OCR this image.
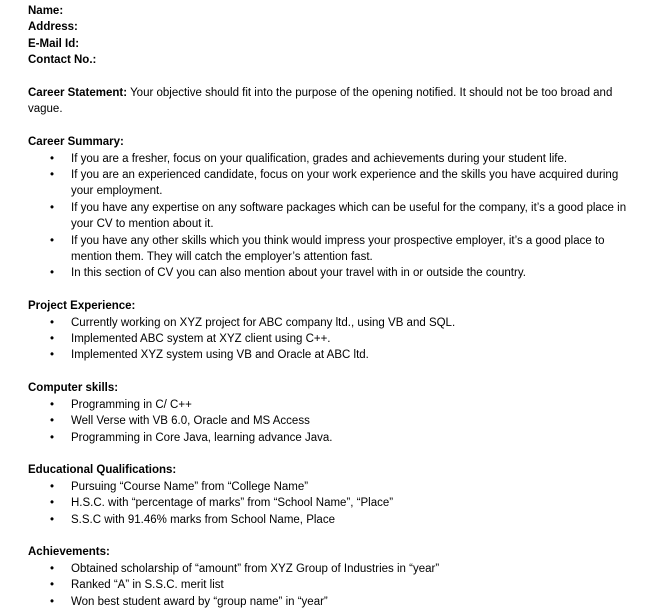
Name:
Address:
E-Mail Id:
Contact No.:
Career Statement: Your objective should fit into the purpose of the opening notified. It should not be too broad and vague.
Career Summary:
• If you are a fresher, focus on your qualification, grades and achievements during your student life.
• If you are an experienced candidate, focus on your work experience and the skills you have acquired during your employment.
• If you have any expertise on any software packages which can be useful for the company, it’s a good place in your CV to mention about it.
• If you have any other skills which you think would impress your prospective employer, it’s a good place to mention them. They will catch the employer’s attention fast.
• In this section of CV you can also mention about your travel with in or outside the country.
Project Experience:
• Currently working on XYZ project for ABC company ltd., using VB and SQL.
• Implemented ABC system at XYZ client using C++.
• Implemented XYZ system using VB and Oracle at ABC ltd.
Computer skills:
• Programming in C/ C++
• Well Verse with VB 6.0, Oracle and MS Access
• Programming in Core Java, learning advance Java.
Educational Qualifications:
• Pursuing “Course Name” from “College Name”
• H.S.C. with “percentage of marks” from “School Name”, “Place”
• S.S.C with 91.46% marks from School Name, Place
Achievements:
• Obtained scholarship of “amount” from XYZ Group of Industries in “year”
• Ranked “A” in S.S.C. merit list
• Won best student award by “group name” in “year”
